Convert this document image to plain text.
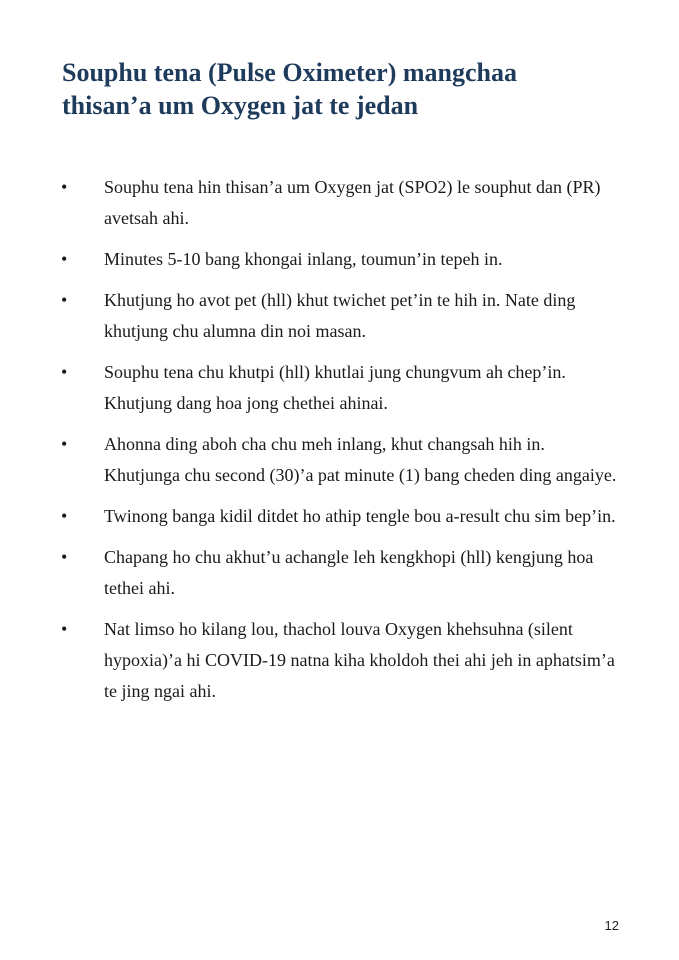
Souphu tena (Pulse Oximeter) mangchaa
thisan’a um Oxygen jat te jedan
• Souphu tena hin thisan’a um Oxygen jat (SPO2) le souphut dan (PR) avetsah ahi.
• Minutes 5-10 bang khongai inlang, toumun’in tepeh in.
• Khutjung ho avot pet (hll) khut twichet pet’in te hih in. Nate ding khutjung chu alumna din noi masan.
• Souphu tena chu khutpi (hll) khutlai jung chungvum ah chep’in. Khutjung dang hoa jong chethei ahinai.
• Ahonna ding aboh cha chu meh inlang, khut changsah hih in. Khutjunga chu second (30)’a pat minute (1) bang cheden ding angaiye.
• Twinong banga kidil ditdet ho athip tengle bou a-result chu sim bep’in.
• Chapang ho chu akhut’u achangle leh kengkhopi (hll) kengjung hoa tethei ahi.
• Nat limso ho kilang lou, thachol louva Oxygen khehsuhna (silent hypoxia)’a hi COVID-19 natna kiha kholdoh thei ahi jeh in aphatsim’a te jing ngai ahi.
12
